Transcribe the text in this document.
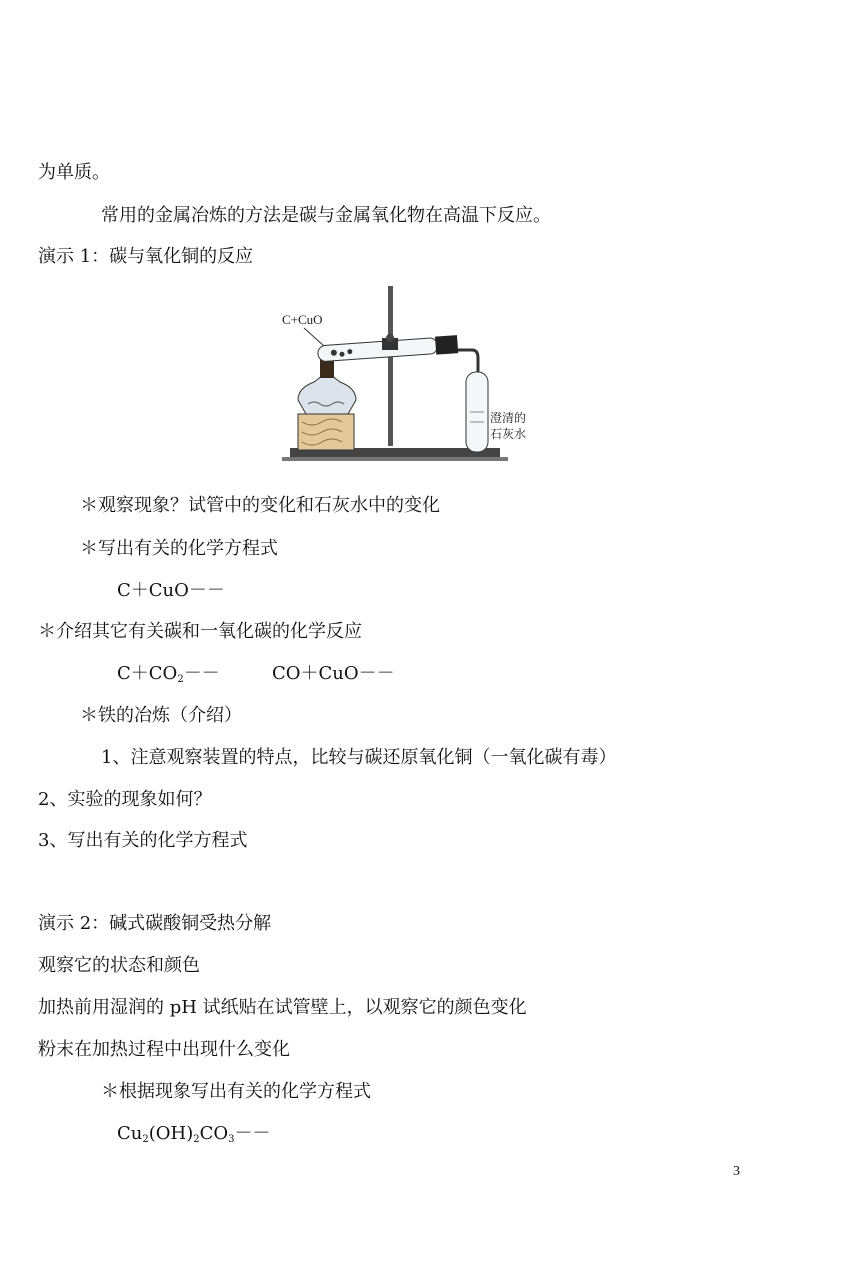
为单质。
常用的金属冶炼的方法是碳与金属氧化物在高温下反应。
演示 1：碳与氧化铜的反应
C+CuO
澄清的
石灰水
＊观察现象？试管中的变化和石灰水中的变化
＊写出有关的化学方程式
C＋CuO－－
＊介绍其它有关碳和一氧化碳的化学反应
$C+CO_2--$	CO＋CuO－－
＊铁的冶炼（介绍）
1、注意观察装置的特点，比较与碳还原氧化铜（一氧化碳有毒）
2、实验的现象如何？
3、写出有关的化学方程式
演示 2：碱式碳酸铜受热分解
观察它的状态和颜色
加热前用湿润的 pH 试纸贴在试管壁上，以观察它的颜色变化
粉末在加热过程中出现什么变化
＊根据现象写出有关的化学方程式
$Cu_2(OH)_2CO_3--$
3
